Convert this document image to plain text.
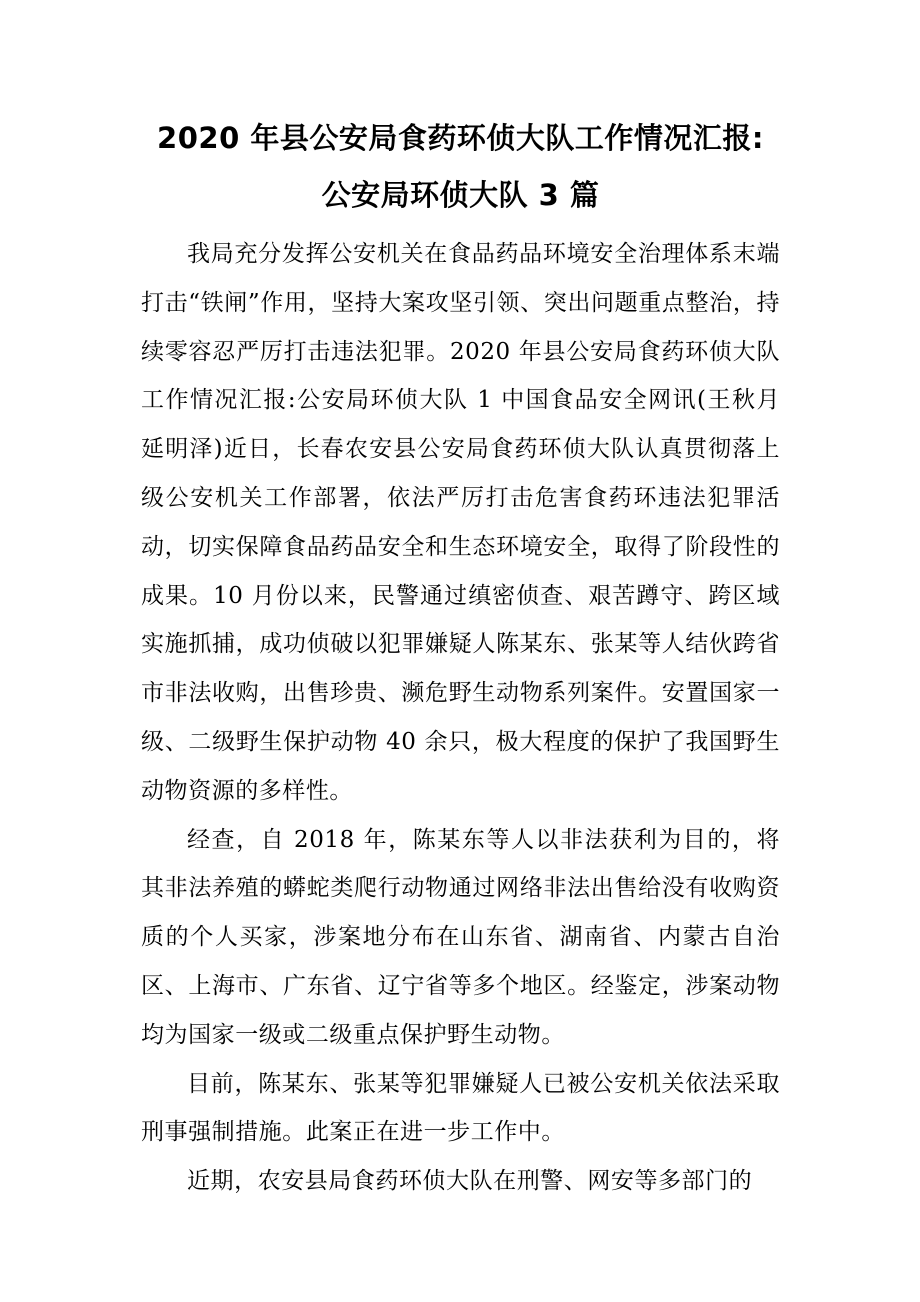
2020 年县公安局食药环侦大队工作情况汇报:
公安局环侦大队 3 篇

我局充分发挥公安机关在食品药品环境安全治理体系末端打击“铁闸”作用，坚持大案攻坚引领、突出问题重点整治，持续零容忍严厉打击违法犯罪。2020 年县公安局食药环侦大队工作情况汇报:公安局环侦大队 1 中国食品安全网讯(王秋月　延明泽)近日，长春农安县公安局食药环侦大队认真贯彻落上级公安机关工作部署，依法严厉打击危害食药环违法犯罪活动，切实保障食品药品安全和生态环境安全，取得了阶段性的成果。10 月份以来，民警通过缜密侦查、艰苦蹲守、跨区域实施抓捕，成功侦破以犯罪嫌疑人陈某东、张某等人结伙跨省市非法收购，出售珍贵、濒危野生动物系列案件。安置国家一级、二级野生保护动物 40 余只，极大程度的保护了我国野生动物资源的多样性。

经查，自 2018 年，陈某东等人以非法获利为目的，将其非法养殖的蟒蛇类爬行动物通过网络非法出售给没有收购资质的个人买家，涉案地分布在山东省、湖南省、内蒙古自治区、上海市、广东省、辽宁省等多个地区。经鉴定，涉案动物均为国家一级或二级重点保护野生动物。

目前，陈某东、张某等犯罪嫌疑人已被公安机关依法采取刑事强制措施。此案正在进一步工作中。

近期，农安县局食药环侦大队在刑警、网安等多部门的
